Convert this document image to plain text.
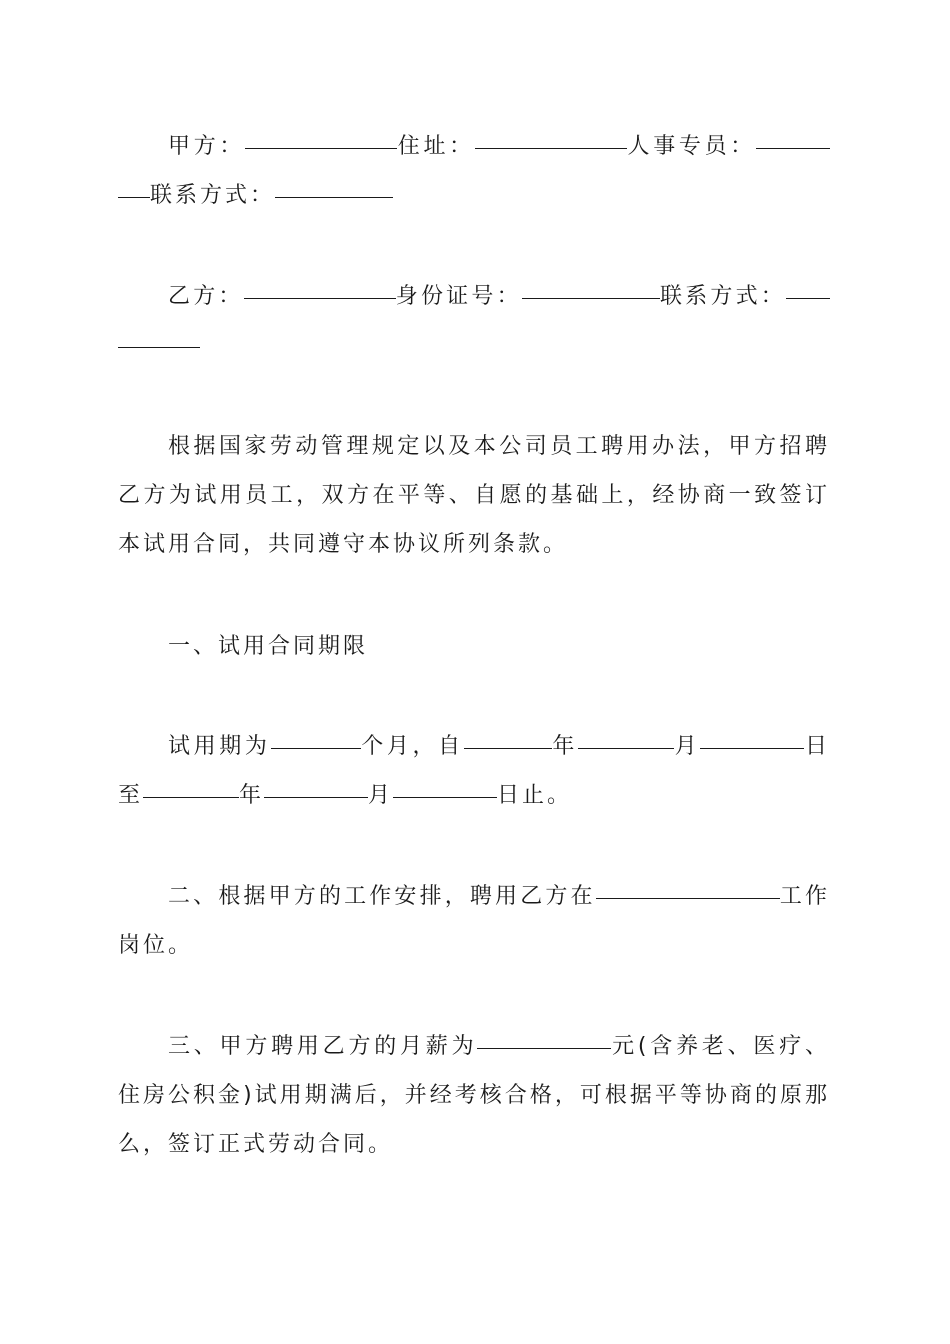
甲方：	住址：	人事专员：联系方式：

乙方：	身份证号：	联系方式：

根据国家劳动管理规定以及本公司员工聘用办法，甲方招聘乙方为试用员工，双方在平等、自愿的基础上，经协商一致签订本试用合同，共同遵守本协议所列条款。

一、试用合同期限

试用期为	个月，自	年	月	日至	年	月	日止。

二、根据甲方的工作安排，聘用乙方在	工作岗位。

三、甲方聘用乙方的月薪为	元(含养老、医疗、住房公积金)试用期满后，并经考核合格，可根据平等协商的原那么，签订正式劳动合同。
